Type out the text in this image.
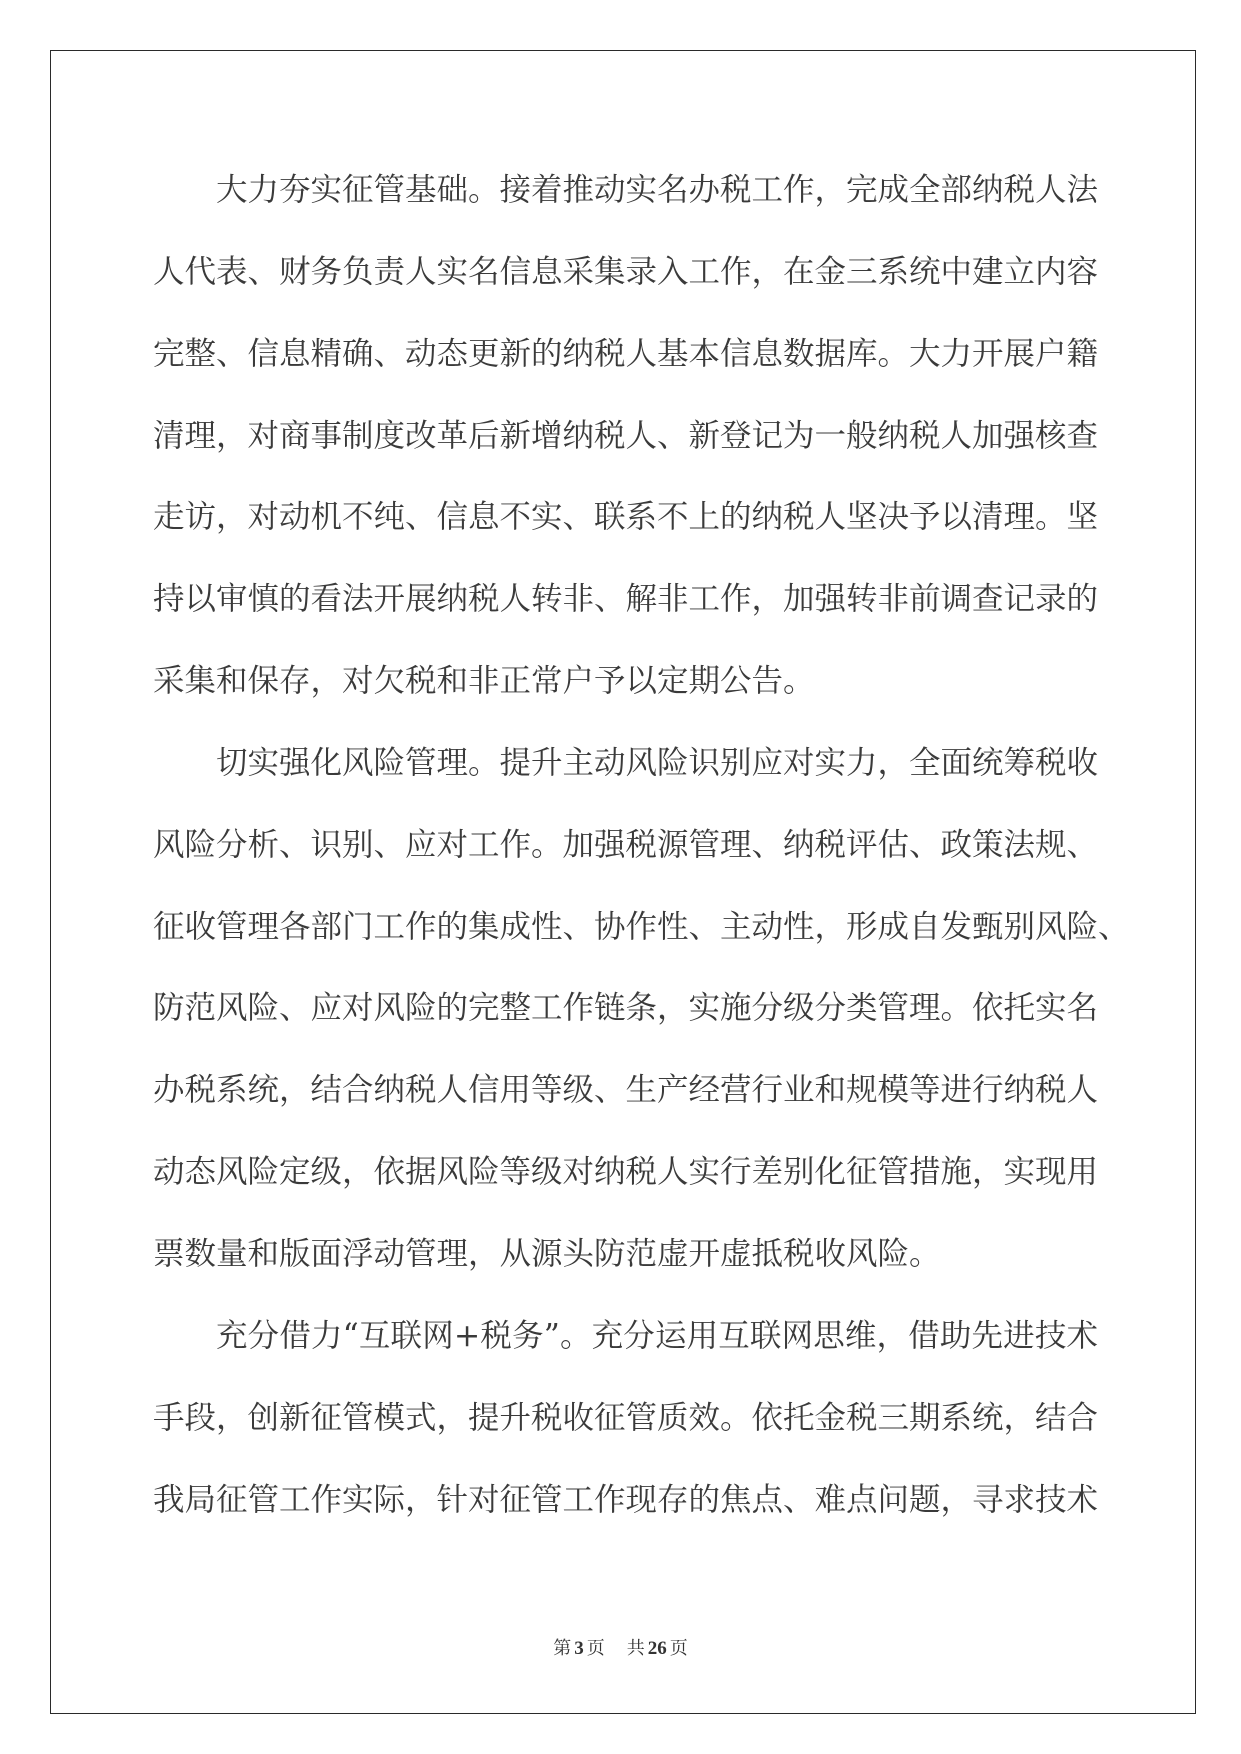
大力夯实征管基础。接着推动实名办税工作，完成全部纳税人法
人代表、财务负责人实名信息采集录入工作，在金三系统中建立内容
完整、信息精确、动态更新的纳税人基本信息数据库。大力开展户籍
清理，对商事制度改革后新增纳税人、新登记为一般纳税人加强核查
走访，对动机不纯、信息不实、联系不上的纳税人坚决予以清理。坚
持以审慎的看法开展纳税人转非、解非工作，加强转非前调查记录的
采集和保存，对欠税和非正常户予以定期公告。
切实强化风险管理。提升主动风险识别应对实力，全面统筹税收
风险分析、识别、应对工作。加强税源管理、纳税评估、政策法规、
征收管理各部门工作的集成性、协作性、主动性，形成自发甄别风险、
防范风险、应对风险的完整工作链条，实施分级分类管理。依托实名
办税系统，结合纳税人信用等级、生产经营行业和规模等进行纳税人
动态风险定级，依据风险等级对纳税人实行差别化征管措施，实现用
票数量和版面浮动管理，从源头防范虚开虚抵税收风险。
充分借力“互联网+税务”。充分运用互联网思维，借助先进技术
手段，创新征管模式，提升税收征管质效。依托金税三期系统，结合
我局征管工作实际，针对征管工作现存的焦点、难点问题，寻求技术
第 3 页 共 26 页
